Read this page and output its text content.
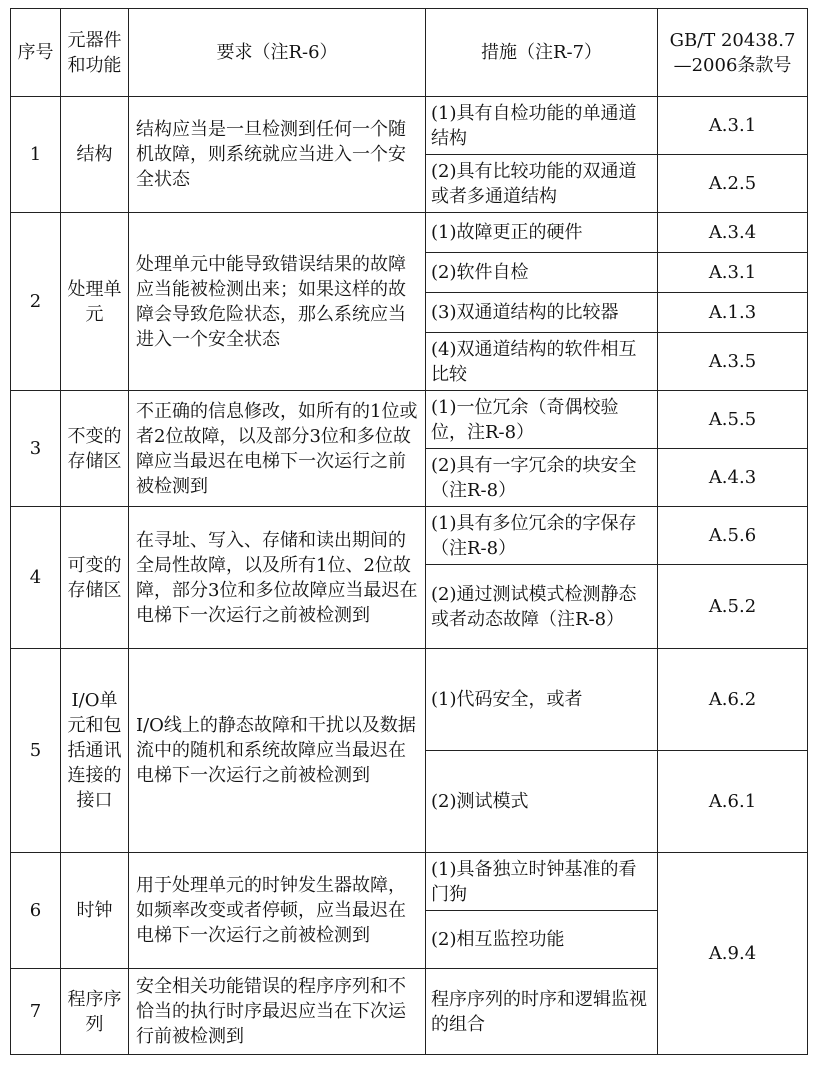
序号	元器件和功能	要求（注R-6）	措施（注R-7）	GB/T 20438.7—2006条款号
1	结构	结构应当是一旦检测到任何一个随机故障，则系统就应当进入一个安全状态	(1)具有自检功能的单通道结构	A.3.1
			(2)具有比较功能的双通道或者多通道结构	A.2.5
2	处理单元	处理单元中能导致错误结果的故障应当能被检测出来；如果这样的故障会导致危险状态，那么系统应当进入一个安全状态	(1)故障更正的硬件	A.3.4
			(2)软件自检	A.3.1
			(3)双通道结构的比较器	A.1.3
			(4)双通道结构的软件相互比较	A.3.5
3	不变的存储区	不正确的信息修改，如所有的1位或者2位故障，以及部分3位和多位故障应当最迟在电梯下一次运行之前被检测到	(1)一位冗余（奇偶校验位，注R-8）	A.5.5
			(2)具有一字冗余的块安全（注R-8）	A.4.3
4	可变的存储区	在寻址、写入、存储和读出期间的全局性故障，以及所有1位、2位故障，部分3位和多位故障应当最迟在电梯下一次运行之前被检测到	(1)具有多位冗余的字保存（注R-8）	A.5.6
			(2)通过测试模式检测静态或者动态故障（注R-8）	A.5.2
5	I/O单元和包括通讯连接的接口	I/O线上的静态故障和干扰以及数据流中的随机和系统故障应当最迟在电梯下一次运行之前被检测到	(1)代码安全，或者	A.6.2
			(2)测试模式	A.6.1
6	时钟	用于处理单元的时钟发生器故障，如频率改变或者停顿，应当最迟在电梯下一次运行之前被检测到	(1)具备独立时钟基准的看门狗	A.9.4
			(2)相互监控功能	
7	程序序列	安全相关功能错误的程序序列和不恰当的执行时序最迟应当在下次运行前被检测到	程序序列的时序和逻辑监视的组合	
